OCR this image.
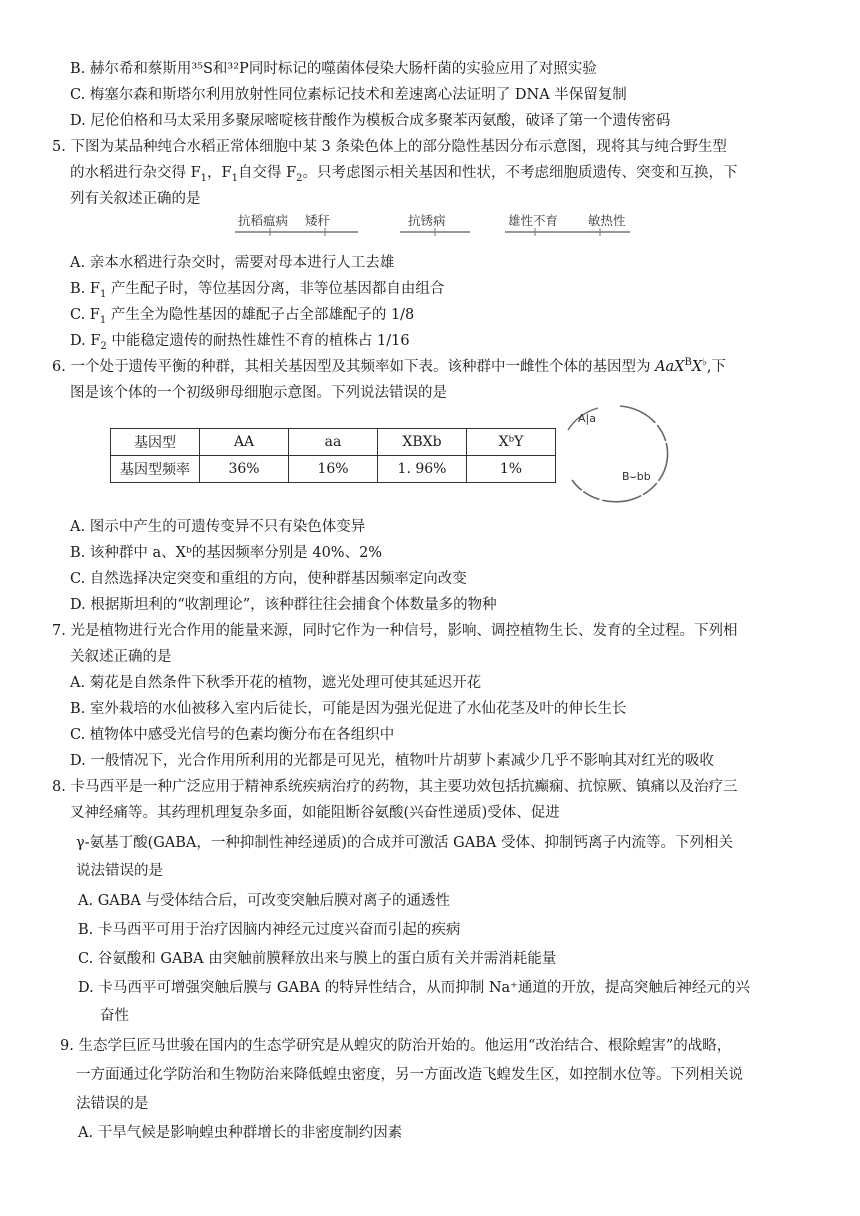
B. 赫尔希和蔡斯用³⁵S和³²P同时标记的噬菌体侵染大肠杆菌的实验应用了对照实验
C. 梅塞尔森和斯塔尔利用放射性同位素标记技术和差速离心法证明了 DNA 半保留复制
D. 尼伦伯格和马太采用多聚尿嘧啶核苷酸作为模板合成多聚苯丙氨酸，破译了第一个遗传密码
5. 下图为某品种纯合水稻正常体细胞中某 3 条染色体上的部分隐性基因分布示意图，现将其与纯合野生型
的水稻进行杂交得 $F_1$，$F_1$自交得 $F_2$。只考虑图示相关基因和性状，不考虑细胞质遗传、突变和互换，下
列有关叙述正确的是
抗稻瘟病 矮秆	抗锈病	雄性不育 敏热性
A. 亲本水稻进行杂交时，需要对母本进行人工去雄
B. $F_1$ 产生配子时，等位基因分离，非等位基因都自由组合
C. $F_1$ 产生全为隐性基因的雄配子占全部雄配子的 1/8
D. $F_2$ 中能稳定遗传的耐热性雄性不育的植株占 1/16
6. 一个处于遗传平衡的种群，其相关基因型及其频率如下表。该种群中一雌性个体的基因型为 AaX$^B$X♭,下
图是该个体的一个初级卵母细胞示意图。下列说法错误的是
基因型	AA	aa	XBXb	XᵇY
基因型频率	36%	16%	1. 96%	1%
A|a
B⌣bb
A. 图示中产生的可遗传变异不只有染色体变异
B. 该种群中 a、Xᵇ的基因频率分别是 40%、2%
C. 自然选择决定突变和重组的方向，使种群基因频率定向改变
D. 根据斯坦利的“收割理论”，该种群往往会捕食个体数量多的物种
7. 光是植物进行光合作用的能量来源，同时它作为一种信号，影响、调控植物生长、发育的全过程。下列相
关叙述正确的是
A. 菊花是自然条件下秋季开花的植物，遮光处理可使其延迟开花
B. 室外栽培的水仙被移入室内后徒长，可能是因为强光促进了水仙花茎及叶的伸长生长
C. 植物体中感受光信号的色素均衡分布在各组织中
D. 一般情况下，光合作用所利用的光都是可见光，植物叶片胡萝卜素减少几乎不影响其对红光的吸收
8. 卡马西平是一种广泛应用于精神系统疾病治疗的药物，其主要功效包括抗癫痫、抗惊厥、镇痛以及治疗三
叉神经痛等。其药理机理复杂多面，如能阻断谷氨酸(兴奋性递质)受体、促进
γ-氨基丁酸(GABA，一种抑制性神经递质)的合成并可激活 GABA 受体、抑制钙离子内流等。下列相关
说法错误的是
A. GABA 与受体结合后，可改变突触后膜对离子的通透性
B. 卡马西平可用于治疗因脑内神经元过度兴奋而引起的疾病
C. 谷氨酸和 GABA 由突触前膜释放出来与膜上的蛋白质有关并需消耗能量
D. 卡马西平可增强突触后膜与 GABA 的特异性结合，从而抑制 Na⁺通道的开放，提高突触后神经元的兴
奋性
9. 生态学巨匠马世骏在国内的生态学研究是从蝗灾的防治开始的。他运用“改治结合、根除蝗害”的战略，
一方面通过化学防治和生物防治来降低蝗虫密度，另一方面改造飞蝗发生区，如控制水位等。下列相关说
法错误的是
A. 干旱气候是影响蝗虫种群增长的非密度制约因素
